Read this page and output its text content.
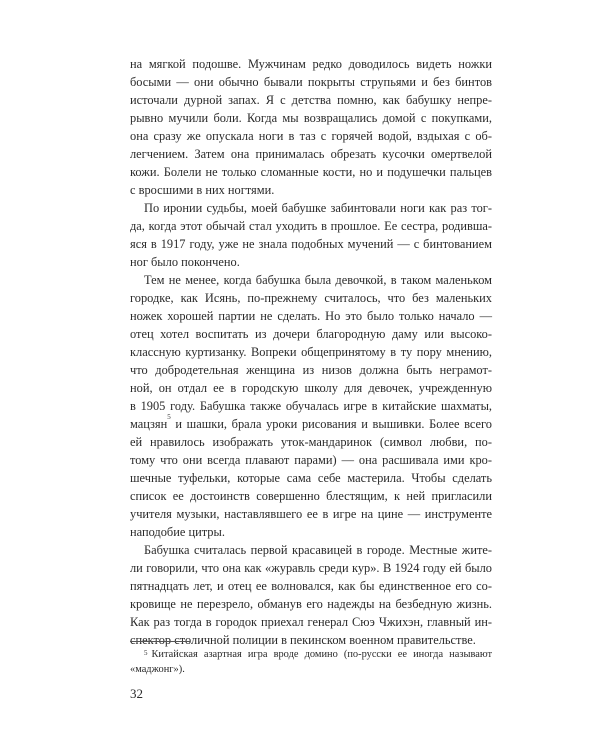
на мягкой подошве. Мужчинам редко доводилось видеть ножки
босыми — они обычно бывали покрыты струпьями и без бинтов
источали дурной запах. Я с детства помню, как бабушку непре-
рывно мучили боли. Когда мы возвращались домой с покупками,
она сразу же опускала ноги в таз с горячей водой, вздыхая с об-
легчением. Затем она принималась обрезать кусочки омертвелой
кожи. Болели не только сломанные кости, но и подушечки пальцев
с вросшими в них ногтями.
По иронии судьбы, моей бабушке забинтовали ноги как раз тог-
да, когда этот обычай стал уходить в прошлое. Ее сестра, родивша-
яся в 1917 году, уже не знала подобных мучений — с бинтованием
ног было покончено.
Тем не менее, когда бабушка была девочкой, в таком маленьком
городке, как Исянь, по-прежнему считалось, что без маленьких
ножек хорошей партии не сделать. Но это было только начало —
отец хотел воспитать из дочери благородную даму или высоко-
классную куртизанку. Вопреки общепринятому в ту пору мнению,
что добродетельная женщина из низов должна быть неграмот-
ной, он отдал ее в городскую школу для девочек, учрежденную
в 1905 году. Бабушка также обучалась игре в китайские шахматы,
мацзян$^5$ и шашки, брала уроки рисования и вышивки. Более всего
ей нравилось изображать уток-мандаринок (символ любви, по-
тому что они всегда плавают парами) — она расшивала ими кро-
шечные туфельки, которые сама себе мастерила. Чтобы сделать
список ее достоинств совершенно блестящим, к ней пригласили
учителя музыки, наставлявшего ее в игре на цине — инструменте
наподобие цитры.
Бабушка считалась первой красавицей в городе. Местные жите-
ли говорили, что она как «журавль среди кур». В 1924 году ей было
пятнадцать лет, и отец ее волновался, как бы единственное его со-
кровище не перезрело, обманув его надежды на безбедную жизнь.
Как раз тогда в городок приехал генерал Сюэ Чжихэн, главный ин-
спектор столичной полиции в пекинском военном правительстве.
$^5$ Китайская азартная игра вроде домино (по-русски ее иногда называют
«маджонг»).
32
